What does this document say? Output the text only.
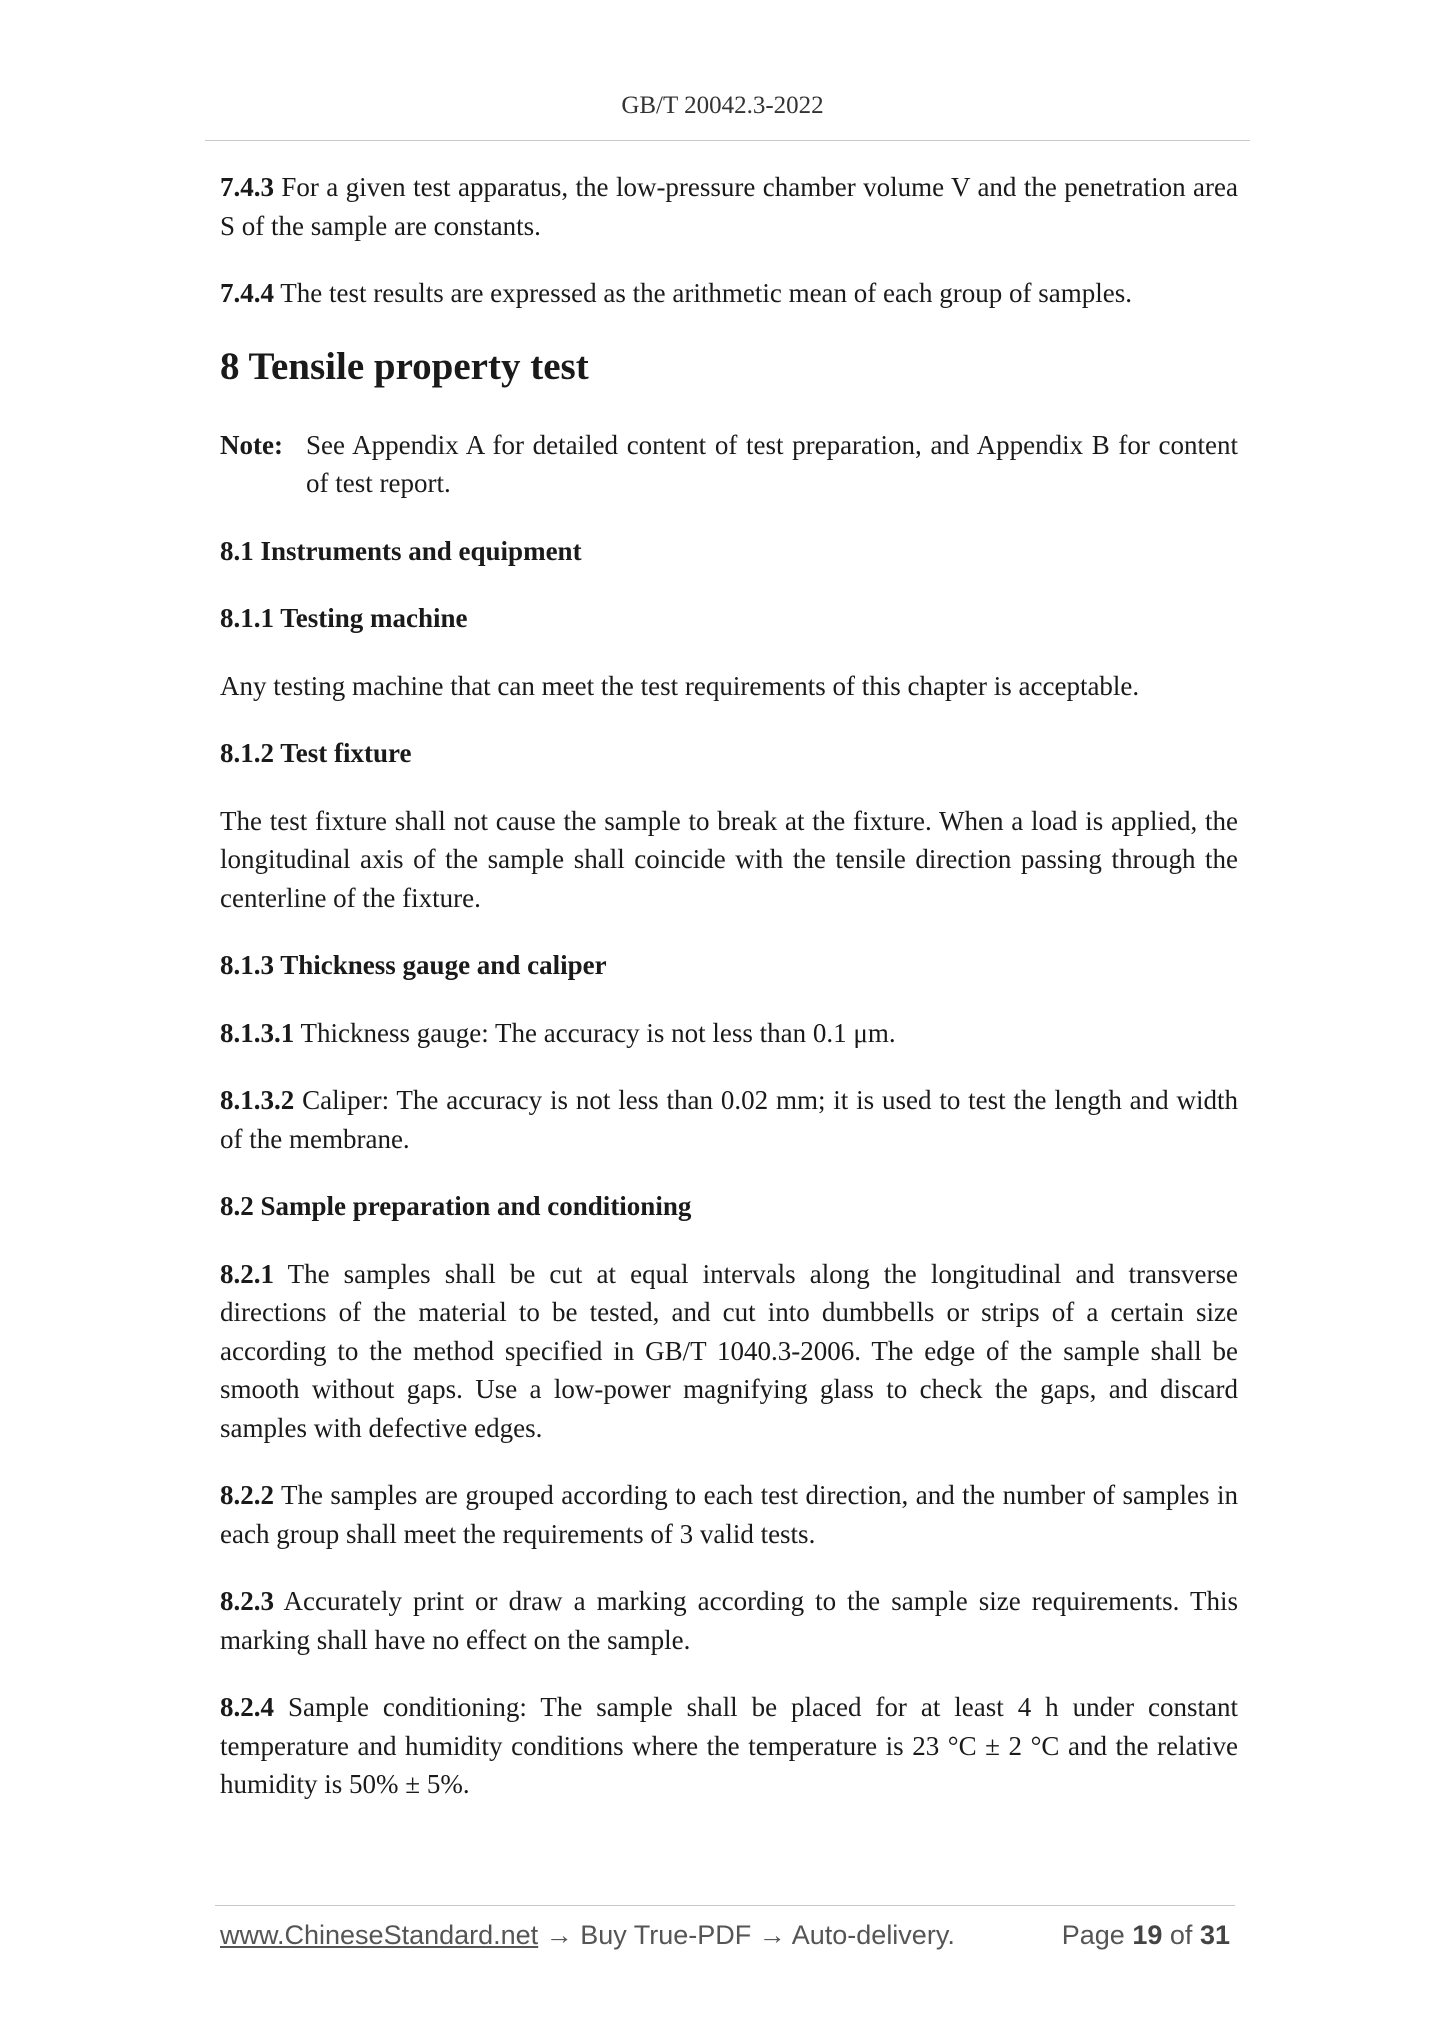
GB/T 20042.3-2022

7.4.3 For a given test apparatus, the low-pressure chamber volume V and the penetration area S of the sample are constants.

7.4.4 The test results are expressed as the arithmetic mean of each group of samples.

8 Tensile property test

Note: See Appendix A for detailed content of test preparation, and Appendix B for content of test report.

8.1 Instruments and equipment
8.1.1 Testing machine

Any testing machine that can meet the test requirements of this chapter is acceptable.

8.1.2 Test fixture

The test fixture shall not cause the sample to break at the fixture. When a load is applied, the longitudinal axis of the sample shall coincide with the tensile direction passing through the centerline of the fixture.

8.1.3 Thickness gauge and caliper

8.1.3.1 Thickness gauge: The accuracy is not less than 0.1 μm.

8.1.3.2 Caliper: The accuracy is not less than 0.02 mm; it is used to test the length and width of the membrane.

8.2 Sample preparation and conditioning

8.2.1 The samples shall be cut at equal intervals along the longitudinal and transverse directions of the material to be tested, and cut into dumbbells or strips of a certain size according to the method specified in GB/T 1040.3-2006. The edge of the sample shall be smooth without gaps. Use a low-power magnifying glass to check the gaps, and discard samples with defective edges.

8.2.2 The samples are grouped according to each test direction, and the number of samples in each group shall meet the requirements of 3 valid tests.

8.2.3 Accurately print or draw a marking according to the sample size requirements. This marking shall have no effect on the sample.

8.2.4 Sample conditioning: The sample shall be placed for at least 4 h under constant temperature and humidity conditions where the temperature is 23 °C ± 2 °C and the relative humidity is 50% ± 5%.

www.ChineseStandard.net → Buy True-PDF → Auto-delivery.	Page 19 of 31
